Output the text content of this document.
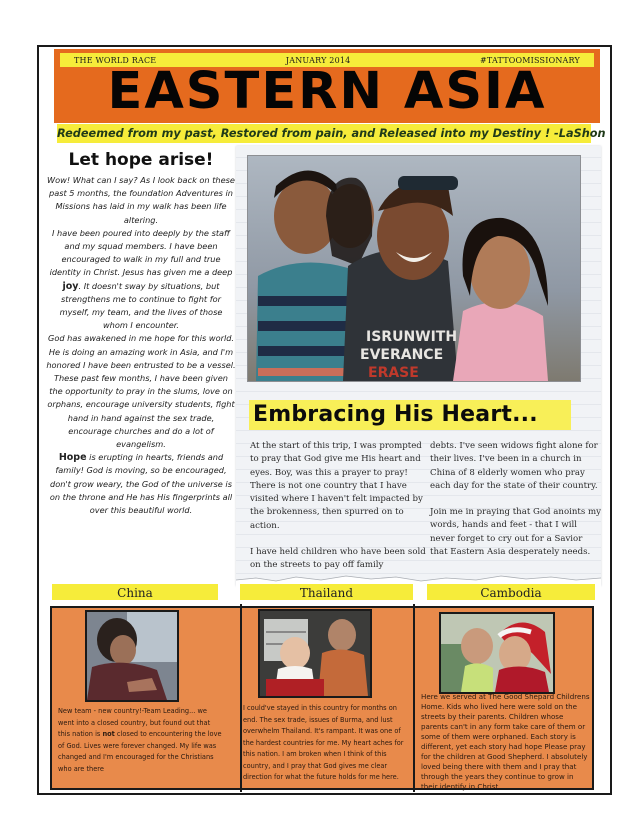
THE WORLD RACE	JANUARY 2014	#TATTOOMISSIONARY
EASTERN ASIA
Redeemed from my past, Restored from pain, and Released into my Destiny ! -LaShon
Let hope arise!

Wow! What can I say? As I look back on these past 5 months, the foundation Adventures in Missions has laid in my walk has been life altering.

I have been poured into deeply by the staff and my squad members. I have been encouraged to walk in my full and true identity in Christ. Jesus has given me a deep joy. It doesn't sway by situations, but strengthens me to continue to fight for myself, my team, and the lives of those whom I encounter.

God has awakened in me hope for this world. He is doing an amazing work in Asia, and I'm honored I have been entrusted to be a vessel.

These past few months, I have been given the opportunity to pray in the slums, love on orphans, encourage university students, fight hand in hand against the sex trade, encourage churches and do a lot of evangelism.

Hope is erupting in hearts, friends and family! God is moving, so be encouraged, don't grow weary, the God of the universe is on the throne and He has His fingerprints all over this beautiful world.

ISRUNWITH
EVERANCE
ERASE
Embracing His Heart...

At the start of this trip, I was prompted to pray that God give me His heart and eyes. Boy, was this a prayer to pray! There is not one country that I have visited where I haven't felt impacted by the brokenness, then spurred on to action.

I have held children who have been sold on the streets to pay off family

debts. I've seen widows fight alone for their lives. I've been in a church in China of 8 elderly women who pray each day for the state of their country.

Join me in praying that God anoints my words, hands and feet - that I will never forget to cry out for a Savior that Eastern Asia desperately needs.

China	Thailand	Cambodia
New team - new country!-Team Leading... we went into a closed country, but found out that this nation is not closed to encountering the love of God. Lives were forever changed. My life was changed and I'm encouraged for the Christians who are there
I could've stayed in this country for months on end. The sex trade, issues of Burma, and lust overwhelm Thailand. It's rampant. It was one of the hardest countries for me. My heart aches for this nation. I am broken when I think of this country, and I pray that God gives me clear direction for what the future holds for me here.
Here we served at The Good Shepard Childrens Home. Kids who lived here were sold on the streets by their parents. Children whose parents can't in any form take care of them or some of them were orphaned. Each story is different, yet each story had hope Please pray for the children at Good Shepherd. I absolutely loved being there with them and I pray that through the years they continue to grow in their identify in Christ.
